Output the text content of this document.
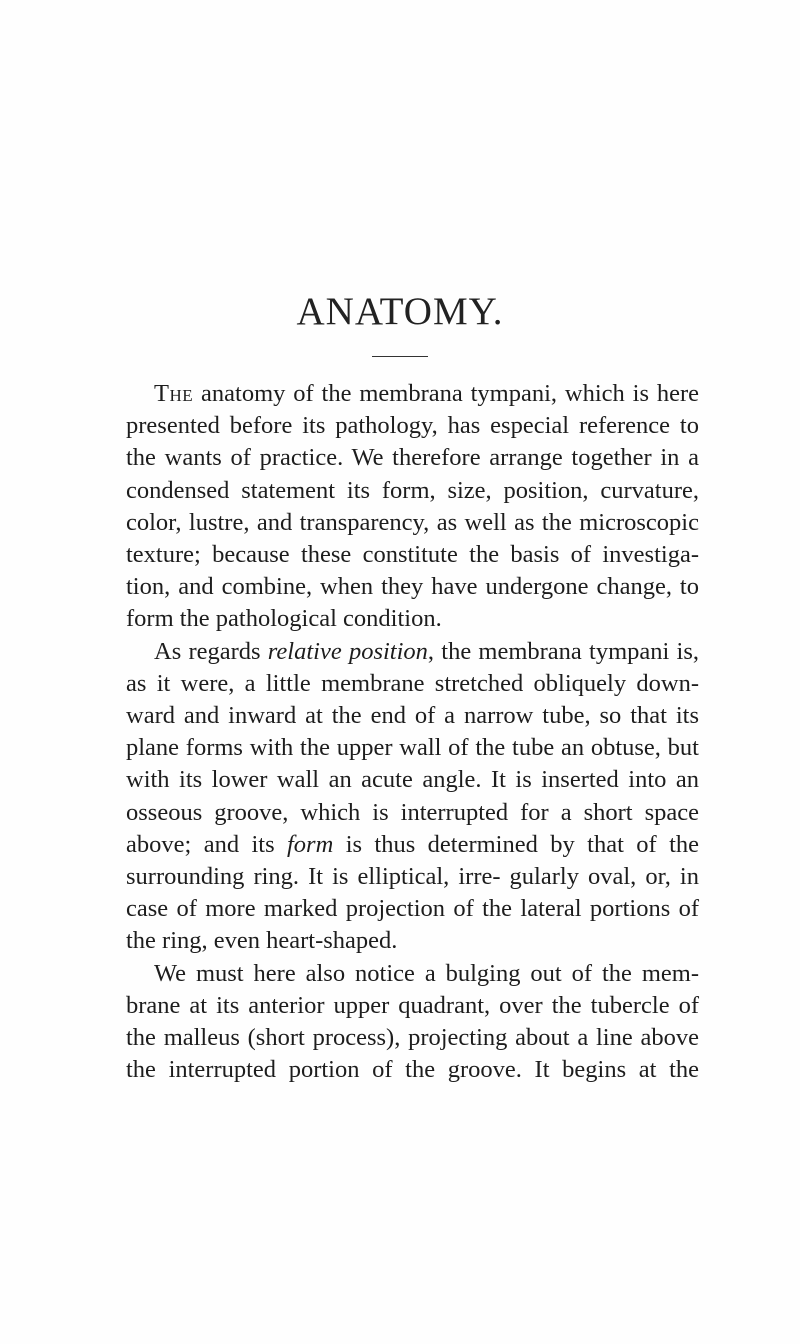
ANATOMY.

The anatomy of the membrana tympani, which is here presented before its pathology, has especial reference to the wants of practice. We therefore arrange together in a condensed statement its form, size, position, curvature, color, lustre, and transparency, as well as the microscopic texture; because these constitute the basis of investiga- tion, and combine, when they have undergone change, to form the pathological condition.

As regards relative position, the membrana tympani is, as it were, a little membrane stretched obliquely down- ward and inward at the end of a narrow tube, so that its plane forms with the upper wall of the tube an obtuse, but with its lower wall an acute angle. It is inserted into an osseous groove, which is interrupted for a short space above; and its form is thus determined by that of the surrounding ring. It is elliptical, irre- gularly oval, or, in case of more marked projection of the lateral portions of the ring, even heart-shaped.

We must here also notice a bulging out of the mem- brane at its anterior upper quadrant, over the tubercle of the malleus (short process), projecting about a line above the interrupted portion of the groove. It begins at the
